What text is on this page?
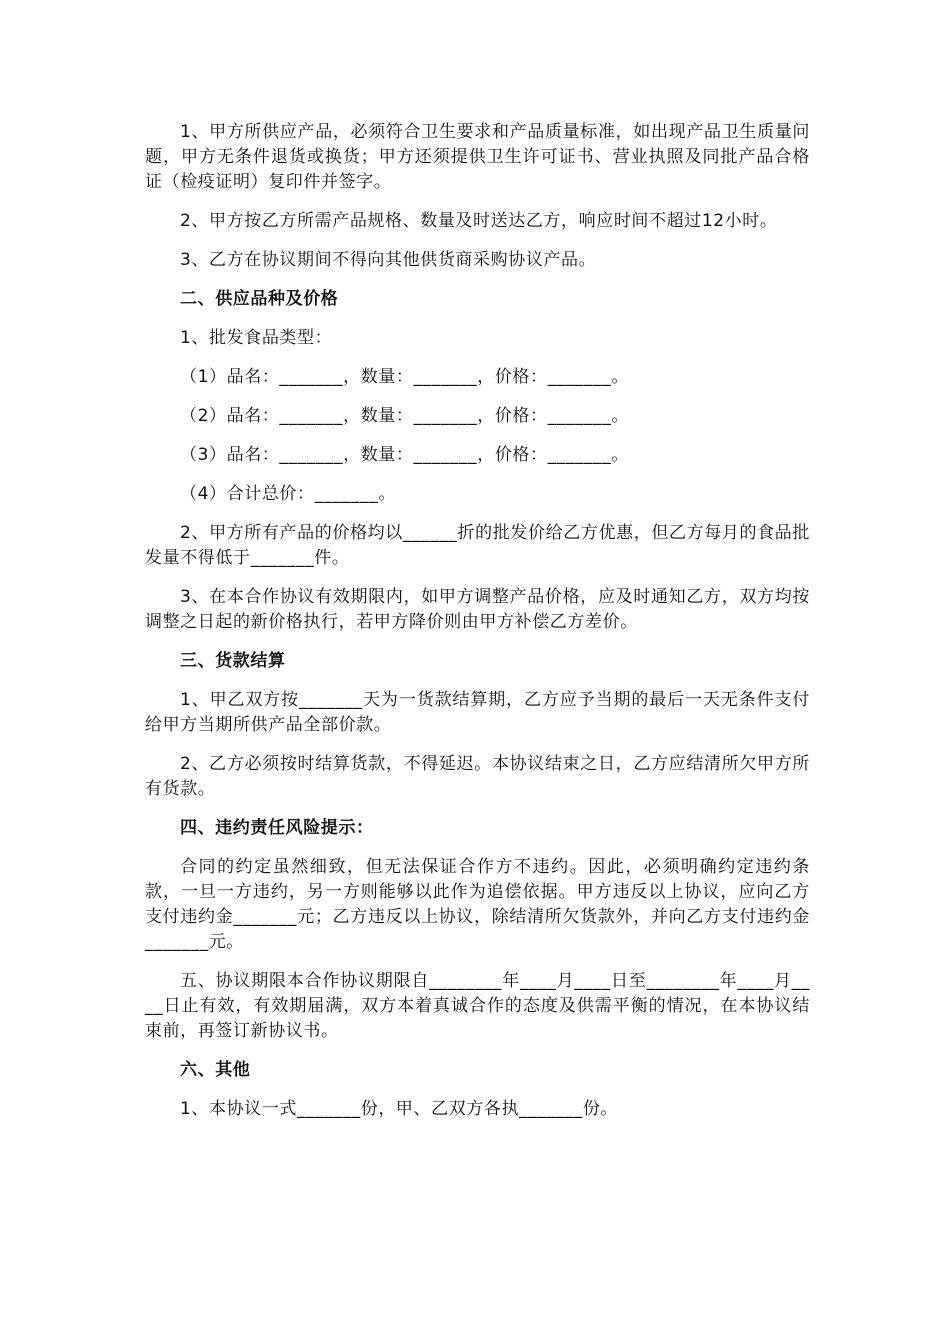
1、甲方所供应产品，必须符合卫生要求和产品质量标准，如出现产品卫生质量问题，甲方无条件退货或换货；甲方还须提供卫生许可证书、营业执照及同批产品合格证（检疫证明）复印件并签字。

2、甲方按乙方所需产品规格、数量及时送达乙方，响应时间不超过12小时。

3、乙方在协议期间不得向其他供货商采购协议产品。

二、供应品种及价格

1、批发食品类型：

（1）品名：_______，数量：_______，价格：_______。

（2）品名：_______，数量：_______，价格：_______。

（3）品名：_______，数量：_______，价格：_______。

（4）合计总价：_______。

2、甲方所有产品的价格均以______折的批发价给乙方优惠，但乙方每月的食品批发量不得低于_______件。

3、在本合作协议有效期限内，如甲方调整产品价格，应及时通知乙方，双方均按调整之日起的新价格执行，若甲方降价则由甲方补偿乙方差价。

三、货款结算

1、甲乙双方按_______天为一货款结算期，乙方应予当期的最后一天无条件支付给甲方当期所供产品全部价款。

2、乙方必须按时结算货款，不得延迟。本协议结束之日，乙方应结清所欠甲方所有货款。

四、违约责任风险提示：

合同的约定虽然细致，但无法保证合作方不违约。因此，必须明确约定违约条款，一旦一方违约，另一方则能够以此作为追偿依据。甲方违反以上协议，应向乙方支付违约金_______元；乙方违反以上协议，除结清所欠货款外，并向乙方支付违约金_______元。

五、协议期限本合作协议期限自________年____月____日至________年____月____日止有效，有效期届满，双方本着真诚合作的态度及供需平衡的情况，在本协议结束前，再签订新协议书。

六、其他

1、本协议一式_______份，甲、乙双方各执_______份。
